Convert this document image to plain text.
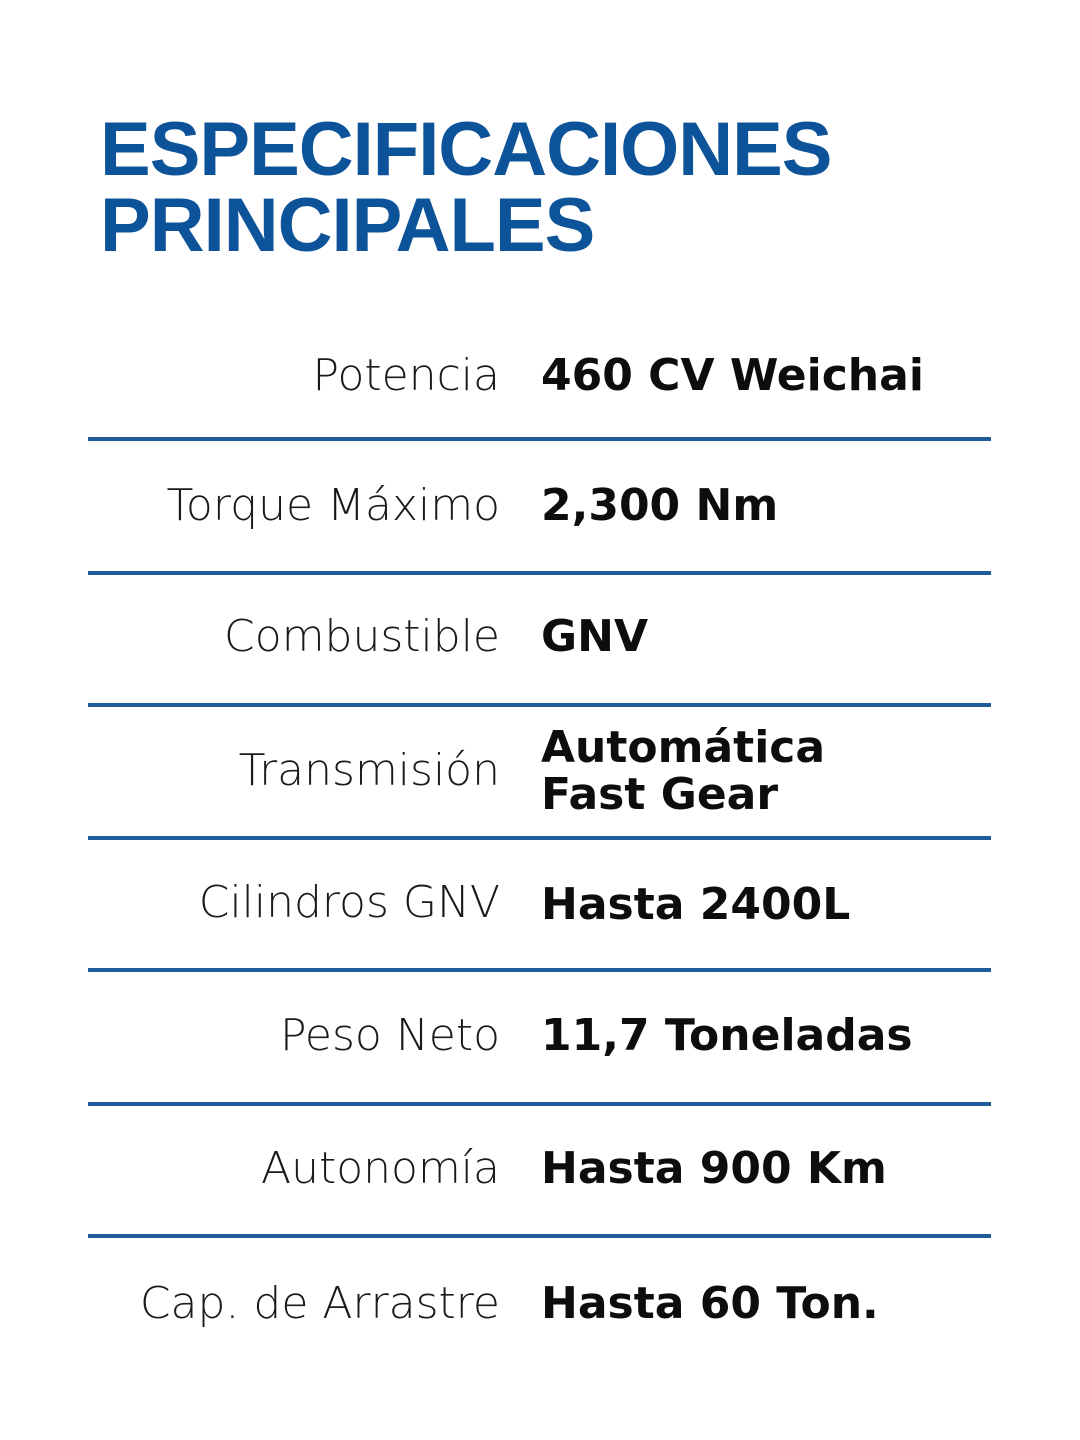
ESPECIFICACIONES
PRINCIPALES
Potencia 460 CV Weichai
Torque Máximo 2,300 Nm
Combustible GNV
Transmisión Automática
Fast Gear
Cilindros GNV Hasta 2400L
Peso Neto 11,7 Toneladas
Autonomía Hasta 900 Km
Cap. de Arrastre Hasta 60 Ton.
